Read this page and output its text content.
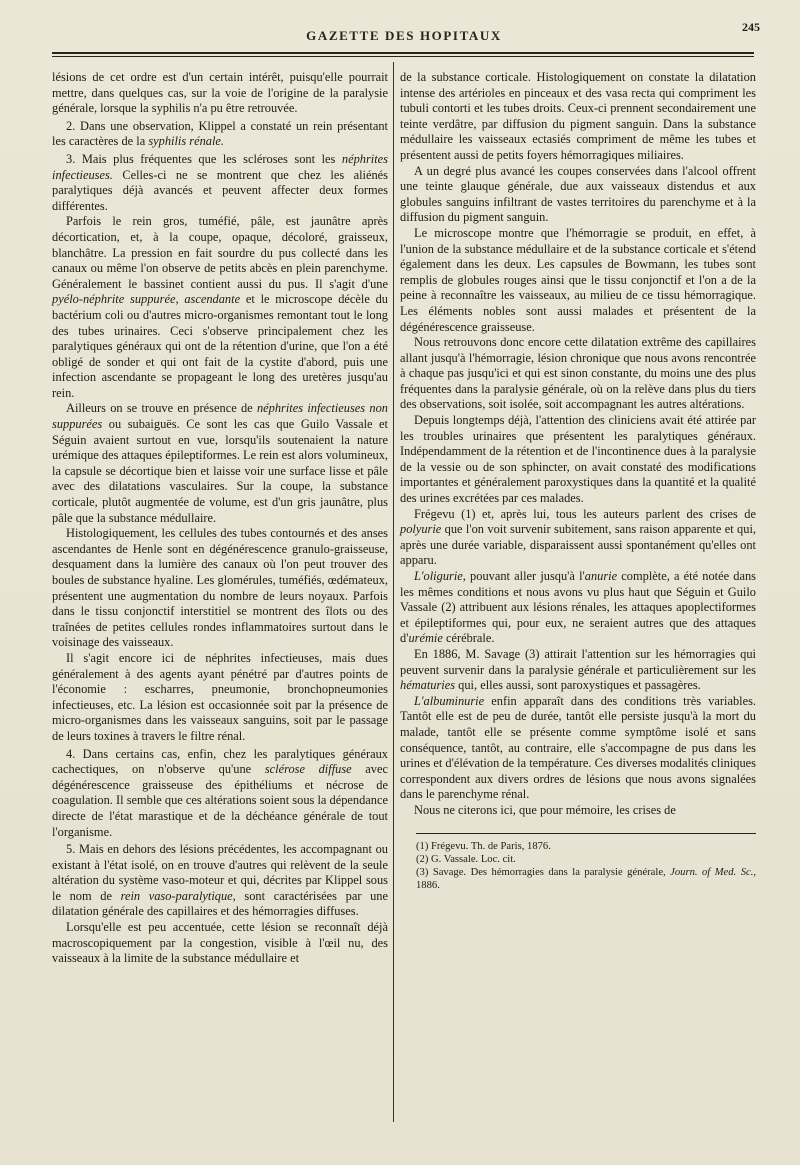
GAZETTE DES HOPITAUX
245

lésions de cet ordre est d'un certain intérêt, puisqu'elle pourrait mettre, dans quelques cas, sur la voie de l'origine de la paralysie générale, lorsque la syphilis n'a pu être retrouvée.

2. Dans une observation, Klippel a constaté un rein présentant les caractères de la syphilis rénale.

3. Mais plus fréquentes que les scléroses sont les néphrites infectieuses. Celles-ci ne se montrent que chez les aliénés paralytiques déjà avancés et peuvent affecter deux formes différentes.

Parfois le rein gros, tuméfié, pâle, est jaunâtre après décortication, et, à la coupe, opaque, décoloré, graisseux, blanchâtre. La pression en fait sourdre du pus collecté dans les canaux ou même l'on observe de petits abcès en plein parenchyme. Généralement le bassinet contient aussi du pus. Il s'agit d'une pyélo-néphrite suppurée, ascendante et le microscope décèle du bactérium coli ou d'autres micro-organismes remontant tout le long des tubes urinaires. Ceci s'observe principalement chez les paralytiques généraux qui ont de la rétention d'urine, que l'on a été obligé de sonder et qui ont fait de la cystite d'abord, puis une infection ascendante se propageant le long des uretères jusqu'au rein.

Ailleurs on se trouve en présence de néphrites infectieuses non suppurées ou subaiguës. Ce sont les cas que Guilo Vassale et Séguin avaient surtout en vue, lorsqu'ils soutenaient la nature urémique des attaques épileptiformes. Le rein est alors volumineux, la capsule se décortique bien et laisse voir une surface lisse et pâle avec des dilatations vasculaires. Sur la coupe, la substance corticale, plutôt augmentée de volume, est d'un gris jaunâtre, plus pâle que la substance médullaire.

Histologiquement, les cellules des tubes contournés et des anses ascendantes de Henle sont en dégénérescence granulo-graisseuse, desquament dans la lumière des canaux où l'on peut trouver des boules de substance hyaline. Les glomérules, tuméfiés, œdémateux, présentent une augmentation du nombre de leurs noyaux. Parfois dans le tissu conjonctif interstitiel se montrent des îlots ou des traînées de petites cellules rondes inflammatoires surtout dans le voisinage des vaisseaux.

Il s'agit encore ici de néphrites infectieuses, mais dues généralement à des agents ayant pénétré par d'autres points de l'économie : escharres, pneumonie, bronchopneumonies infectieuses, etc. La lésion est occasionnée soit par la présence de micro-organismes dans les vaisseaux sanguins, soit par le passage de leurs toxines à travers le filtre rénal.

4. Dans certains cas, enfin, chez les paralytiques généraux cachectiques, on n'observe qu'une sclérose diffuse avec dégénérescence graisseuse des épithéliums et nécrose de coagulation. Il semble que ces altérations soient sous la dépendance directe de l'état marastique et de la déchéance générale de tout l'organisme.

5. Mais en dehors des lésions précédentes, les accompagnant ou existant à l'état isolé, on en trouve d'autres qui relèvent de la seule altération du système vaso-moteur et qui, décrites par Klippel sous le nom de rein vaso-paralytique, sont caractérisées par une dilatation générale des capillaires et des hémorragies diffuses.

Lorsqu'elle est peu accentuée, cette lésion se reconnaît déjà macroscopiquement par la congestion, visible à l'œil nu, des vaisseaux à la limite de la substance médullaire et

de la substance corticale. Histologiquement on constate la dilatation intense des artérioles en pinceaux et des vasa recta qui compriment les tubuli contorti et les tubes droits. Ceux-ci prennent secondairement une teinte verdâtre, par diffusion du pigment sanguin. Dans la substance médullaire les vaisseaux ectasiés compriment de même les tubes et présentent aussi de petits foyers hémorragiques miliaires.

A un degré plus avancé les coupes conservées dans l'alcool offrent une teinte glauque générale, due aux vaisseaux distendus et aux globules sanguins infiltrant de vastes territoires du parenchyme et à la diffusion du pigment sanguin.

Le microscope montre que l'hémorragie se produit, en effet, à l'union de la substance médullaire et de la substance corticale et s'étend également dans les deux. Les capsules de Bowmann, les tubes sont remplis de globules rouges ainsi que le tissu conjonctif et l'on a de la peine à reconnaître les vaisseaux, au milieu de ce tissu hémorragique. Les éléments nobles sont aussi malades et présentent de la dégénérescence graisseuse.

Nous retrouvons donc encore cette dilatation extrême des capillaires allant jusqu'à l'hémorragie, lésion chronique que nous avons rencontrée à chaque pas jusqu'ici et qui est sinon constante, du moins une des plus fréquentes dans la paralysie générale, où on la relève dans plus du tiers des observations, soit isolée, soit accompagnant les autres altérations.

Depuis longtemps déjà, l'attention des cliniciens avait été attirée par les troubles urinaires que présentent les paralytiques généraux. Indépendamment de la rétention et de l'incontinence dues à la paralysie de la vessie ou de son sphincter, on avait constaté des modifications importantes et généralement paroxystiques dans la quantité et la qualité des urines excrétées par ces malades.

Frégevu (1) et, après lui, tous les auteurs parlent des crises de polyurie que l'on voit survenir subitement, sans raison apparente et qui, après une durée variable, disparaissent aussi spontanément qu'elles ont apparu.

L'oligurie, pouvant aller jusqu'à l'anurie complète, a été notée dans les mêmes conditions et nous avons vu plus haut que Séguin et Guilo Vassale (2) attribuent aux lésions rénales, les attaques apoplectiformes et épileptiformes qui, pour eux, ne seraient autres que des attaques d'urémie cérébrale.

En 1886, M. Savage (3) attirait l'attention sur les hémorragies qui peuvent survenir dans la paralysie générale et particulièrement sur les hématuries qui, elles aussi, sont paroxystiques et passagères.

L'albuminurie enfin apparaît dans des conditions très variables. Tantôt elle est de peu de durée, tantôt elle persiste jusqu'à la mort du malade, tantôt elle se présente comme symptôme isolé et sans conséquence, tantôt, au contraire, elle s'accompagne de pus dans les urines et d'élévation de la température. Ces diverses modalités cliniques correspondent aux divers ordres de lésions que nous avons signalées dans le parenchyme rénal.

Nous ne citerons ici, que pour mémoire, les crises de

(1) Frégevu. Th. de Paris, 1876.
(2) G. Vassale. Loc. cit.
(3) Savage. Des hémorragies dans la paralysie générale, Journ. of Med. Sc., 1886.
